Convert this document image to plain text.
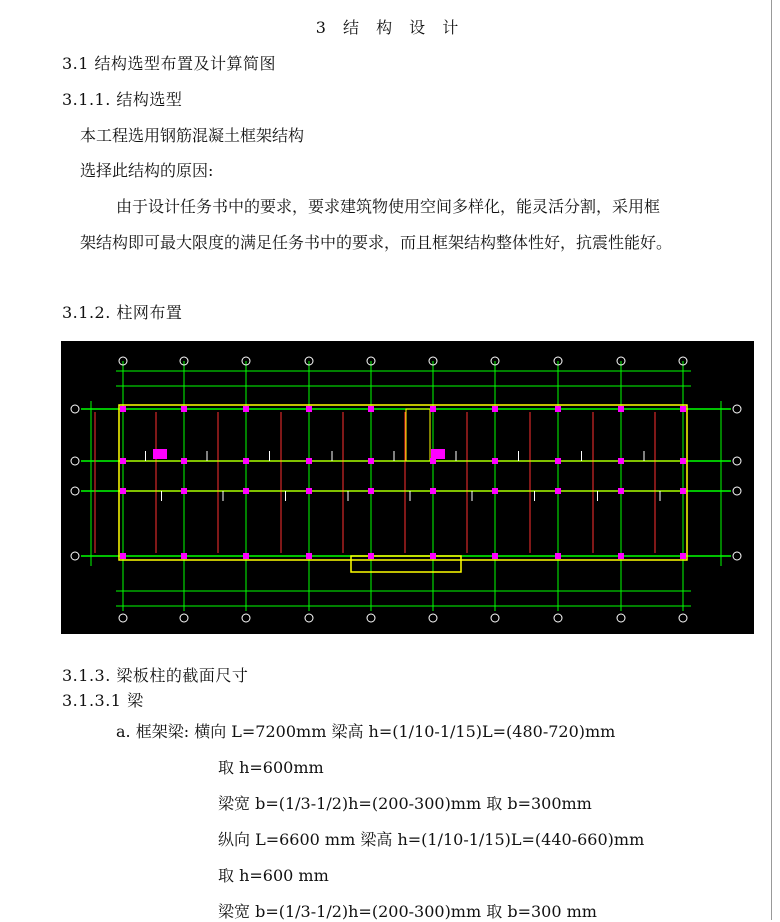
3 结 构 设 计
3.1 结构选型布置及计算简图
3.1.1. 结构选型
本工程选用钢筋混凝土框架结构
选择此结构的原因:
由于设计任务书中的要求，要求建筑物使用空间多样化，能灵活分割，采用框
架结构即可最大限度的满足任务书中的要求，而且框架结构整体性好，抗震性能好。
3.1.2. 柱网布置
3.1.3. 梁板柱的截面尺寸
3.1.3.1 梁
a. 框架梁: 横向 L=7200mm 梁高 h=(1/10-1/15)L=(480-720)mm
取 h=600mm
梁宽 b=(1/3-1/2)h=(200-300)mm 取 b=300mm
纵向 L=6600 mm 梁高 h=(1/10-1/15)L=(440-660)mm
取 h=600 mm
梁宽 b=(1/3-1/2)h=(200-300)mm 取 b=300 mm
